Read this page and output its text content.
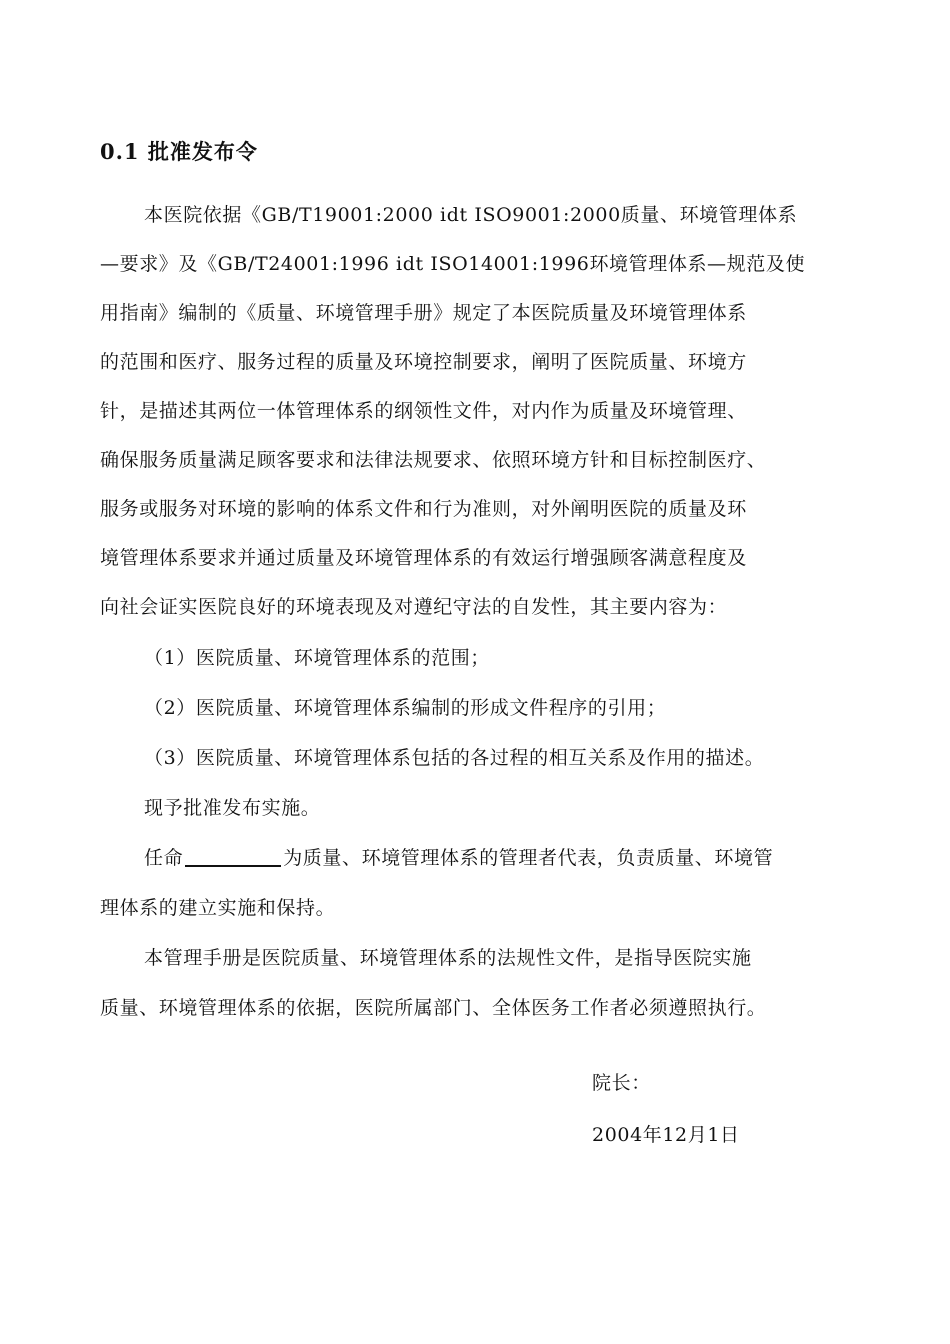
0.1 批准发布令
本医院依据《GB/T19001:2000 idt ISO9001:2000质量、环境管理体系
—要求》及《GB/T24001:1996 idt ISO14001:1996环境管理体系—规范及使
用指南》编制的《质量、环境管理手册》规定了本医院质量及环境管理体系
的范围和医疗、服务过程的质量及环境控制要求，阐明了医院质量、环境方
针，是描述其两位一体管理体系的纲领性文件，对内作为质量及环境管理、
确保服务质量满足顾客要求和法律法规要求、依照环境方针和目标控制医疗、
服务或服务对环境的影响的体系文件和行为准则，对外阐明医院的质量及环
境管理体系要求并通过质量及环境管理体系的有效运行增强顾客满意程度及
向社会证实医院良好的环境表现及对遵纪守法的自发性，其主要内容为：
（1）医院质量、环境管理体系的范围；
（2）医院质量、环境管理体系编制的形成文件程序的引用；
（3）医院质量、环境管理体系包括的各过程的相互关系及作用的描述。
现予批准发布实施。
任命	为质量、环境管理体系的管理者代表，负责质量、环境管
理体系的建立实施和保持。
本管理手册是医院质量、环境管理体系的法规性文件，是指导医院实施
质量、环境管理体系的依据，医院所属部门、全体医务工作者必须遵照执行。
院长：
2004年12月1日
